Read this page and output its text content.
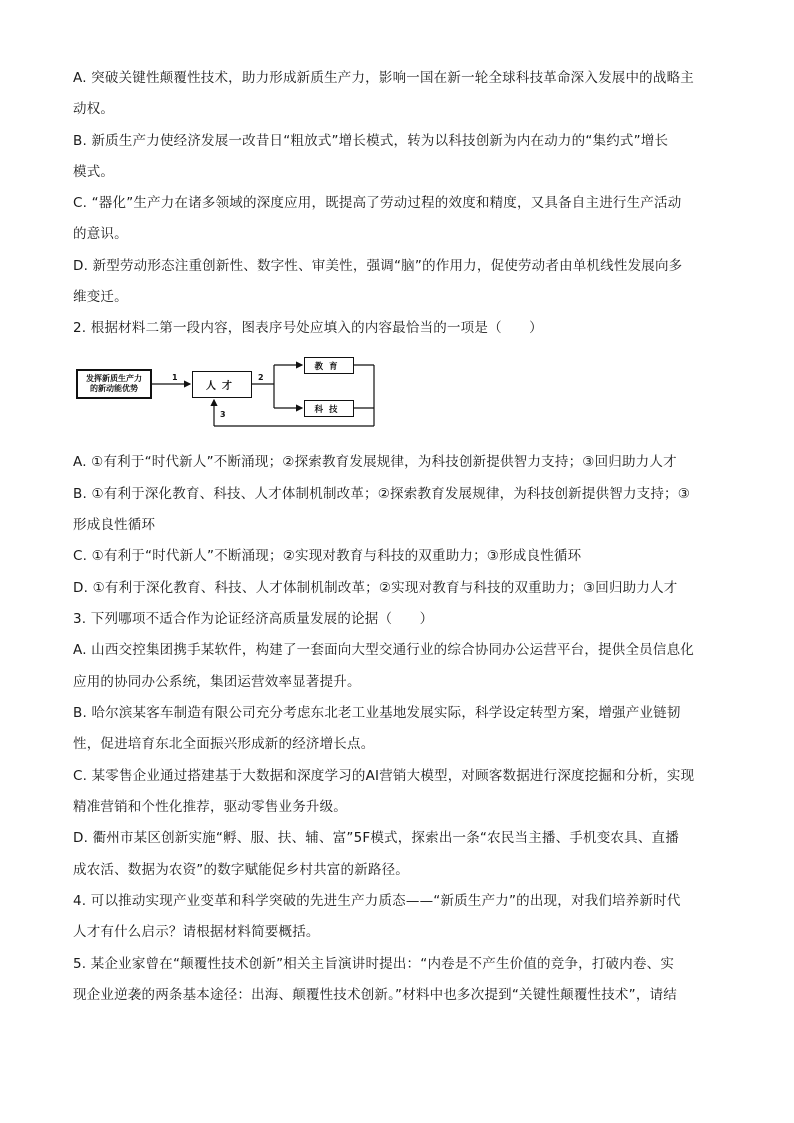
A. 突破关键性颠覆性技术，助力形成新质生产力，影响一国在新一轮全球科技革命深入发展中的战略主
动权。
B. 新质生产力使经济发展一改昔日“粗放式”增长模式，转为以科技创新为内在动力的“集约式”增长
模式。
C. “器化”生产力在诸多领域的深度应用，既提高了劳动过程的效度和精度，又具备自主进行生产活动
的意识。
D. 新型劳动形态注重创新性、数字性、审美性，强调“脑”的作用力，促使劳动者由单机线性发展向多
维变迁。
2. 根据材料二第一段内容，图表序号处应填入的内容最恰当的一项是（　　）
A. ①有利于“时代新人”不断涌现；②探索教育发展规律，为科技创新提供智力支持；③回归助力人才
B. ①有利于深化教育、科技、人才体制机制改革；②探索教育发展规律，为科技创新提供智力支持；③
形成良性循环
C. ①有利于“时代新人”不断涌现；②实现对教育与科技的双重助力；③形成良性循环
D. ①有利于深化教育、科技、人才体制机制改革；②实现对教育与科技的双重助力；③回归助力人才
3. 下列哪项不适合作为论证经济高质量发展的论据（　　）
A. 山西交控集团携手某软件，构建了一套面向大型交通行业的综合协同办公运营平台，提供全员信息化
应用的协同办公系统，集团运营效率显著提升。
B. 哈尔滨某客车制造有限公司充分考虑东北老工业基地发展实际，科学设定转型方案，增强产业链韧
性，促进培育东北全面振兴形成新的经济增长点。
C. 某零售企业通过搭建基于大数据和深度学习的AI营销大模型，对顾客数据进行深度挖掘和分析，实现
精准营销和个性化推荐，驱动零售业务升级。
D. 衢州市某区创新实施“孵、服、扶、辅、富”5F模式，探索出一条“农民当主播、手机变农具、直播
成农活、数据为农资”的数字赋能促乡村共富的新路径。
4. 可以推动实现产业变革和科学突破的先进生产力质态——“新质生产力”的出现，对我们培养新时代
人才有什么启示？请根据材料简要概括。
5. 某企业家曾在“颠覆性技术创新”相关主旨演讲时提出：“内卷是不产生价值的竞争，打破内卷、实
现企业逆袭的两条基本途径：出海、颠覆性技术创新。”材料中也多次提到“关键性颠覆性技术”，请结
发挥新质生产力
的新动能优势	人才
教育
科技
1	2
3
